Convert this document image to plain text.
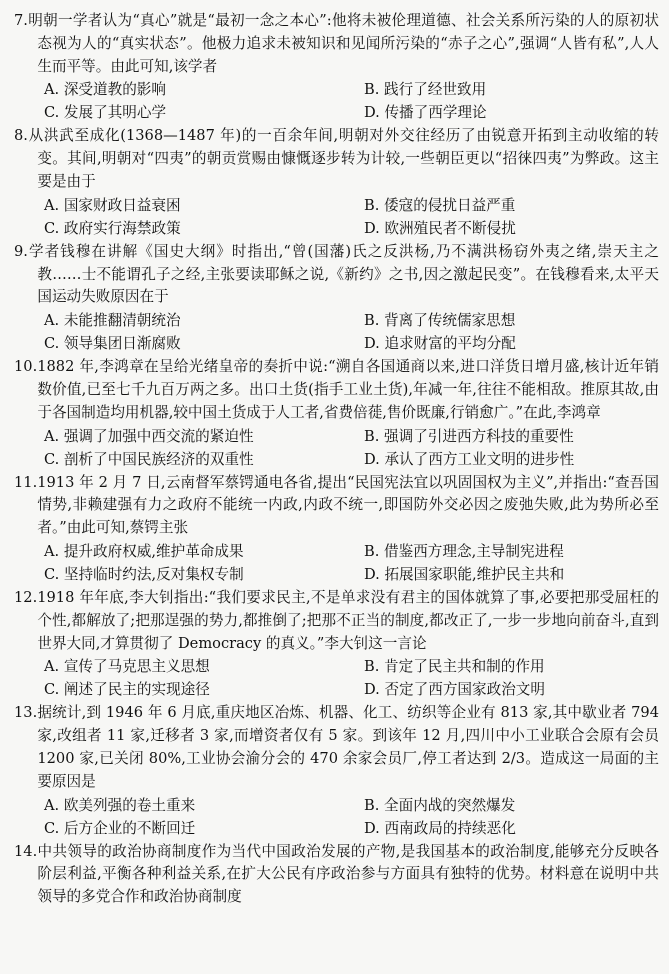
7.明朝一学者认为“真心”就是“最初一念之本心”:他将未被伦理道德、社会关系所污染的人的原初状态视为人的“真实状态”。他极力追求未被知识和见闻所污染的“赤子之心”,强调“人皆有私”,人人生而平等。由此可知,该学者

A. 深受道教的影响	B. 践行了经世致用
C. 发展了其明心学	D. 传播了西学理论

8.从洪武至成化(1368—1487 年)的一百余年间,明朝对外交往经历了由锐意开拓到主动收缩的转变。其间,明朝对“四夷”的朝贡赏赐由慷慨逐步转为计较,一些朝臣更以“招徕四夷”为弊政。这主要是由于

A. 国家财政日益衰困	B. 倭寇的侵扰日益严重
C. 政府实行海禁政策	D. 欧洲殖民者不断侵扰

9.学者钱穆在讲解《国史大纲》时指出,“曾(国藩)氏之反洪杨,乃不满洪杨窃外夷之绪,崇天主之教……士不能谓孔子之经,主张要读耶稣之说,《新约》之书,因之激起民变”。在钱穆看来,太平天国运动失败原因在于

A. 未能推翻清朝统治	B. 背离了传统儒家思想
C. 领导集团日渐腐败	D. 追求财富的平均分配

10.1882 年,李鸿章在呈给光绪皇帝的奏折中说:“溯自各国通商以来,进口洋货日增月盛,核计近年销数价值,已至七千九百万两之多。出口土货(指手工业土货),年减一年,往往不能相敌。推原其故,由于各国制造均用机器,较中国土货成于人工者,省费倍蓰,售价既廉,行销愈广。”在此,李鸿章

A. 强调了加强中西交流的紧迫性	B. 强调了引进西方科技的重要性
C. 剖析了中国民族经济的双重性	D. 承认了西方工业文明的进步性

11.1913 年 2 月 7 日,云南督军蔡锷通电各省,提出“民国宪法宜以巩固国权为主义”,并指出:“查吾国情势,非赖建强有力之政府不能统一内政,内政不统一,即国防外交必因之废弛失败,此为势所必至者。”由此可知,蔡锷主张

A. 提升政府权威,维护革命成果	B. 借鉴西方理念,主导制宪进程
C. 坚持临时约法,反对集权专制	D. 拓展国家职能,维护民主共和

12.1918 年年底,李大钊指出:“我们要求民主,不是单求没有君主的国体就算了事,必要把那受屈枉的个性,都解放了;把那逞强的势力,都推倒了;把那不正当的制度,都改正了,一步一步地向前奋斗,直到世界大同,才算贯彻了 Democracy 的真义。”李大钊这一言论

A. 宣传了马克思主义思想	B. 肯定了民主共和制的作用
C. 阐述了民主的实现途径	D. 否定了西方国家政治文明

13.据统计,到 1946 年 6 月底,重庆地区冶炼、机器、化工、纺织等企业有 813 家,其中歇业者 794 家,改组者 11 家,迁移者 3 家,而增资者仅有 5 家。到该年 12 月,四川中小工业联合会原有会员 1200 家,已关闭 80%,工业协会渝分会的 470 余家会员厂,停工者达到 2/3。造成这一局面的主要原因是

A. 欧美列强的卷土重来	B. 全面内战的突然爆发
C. 后方企业的不断回迁	D. 西南政局的持续恶化

14.中共领导的政治协商制度作为当代中国政治发展的产物,是我国基本的政治制度,能够充分反映各阶层利益,平衡各种利益关系,在扩大公民有序政治参与方面具有独特的优势。材料意在说明中共领导的多党合作和政治协商制度
